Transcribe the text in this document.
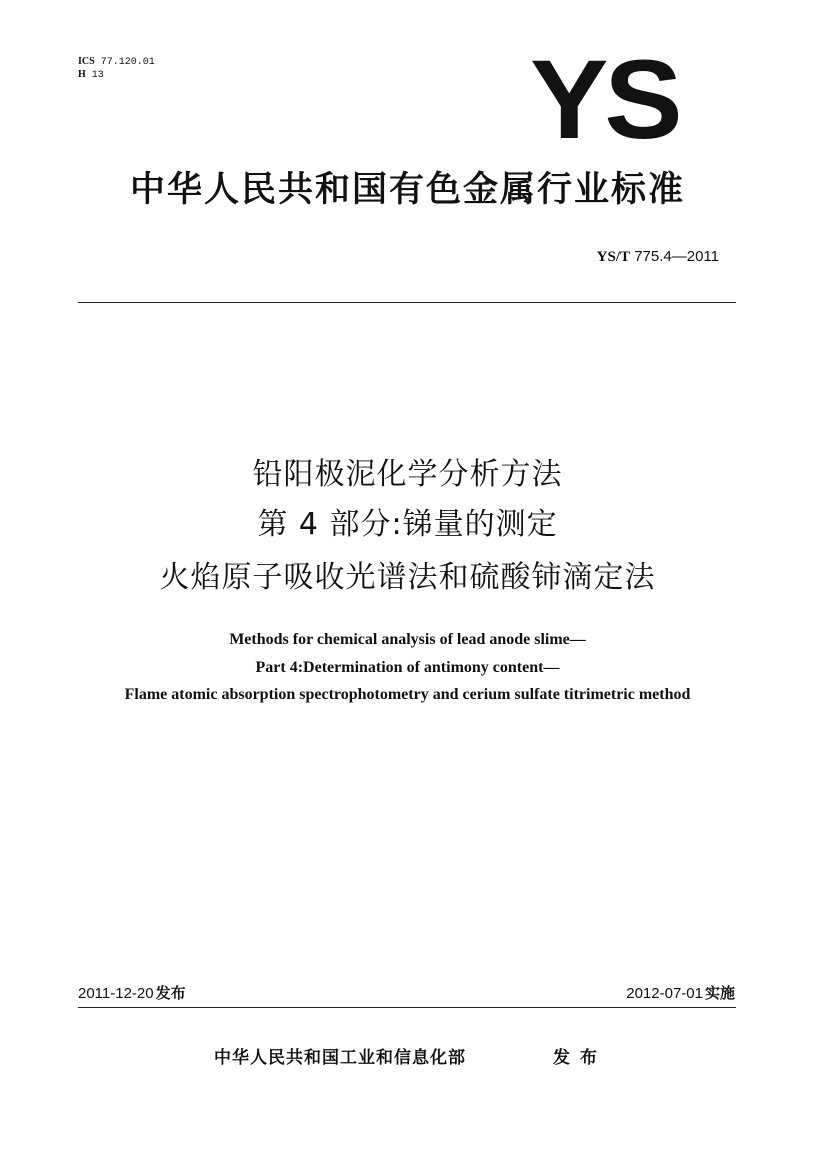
ICS 77.120.01
H 13	YS
中华人民共和国有色金属行业标准
YS/T 775.4—2011
铅阳极泥化学分析方法
第 4 部分:锑量的测定
火焰原子吸收光谱法和硫酸铈滴定法
Methods for chemical analysis of lead anode slime—
Part 4:Determination of antimony content—
Flame atomic absorption spectrophotometry and cerium sulfate titrimetric method
2011-12-20 发布	2012-07-01 实施
中华人民共和国工业和信息化部	发布
